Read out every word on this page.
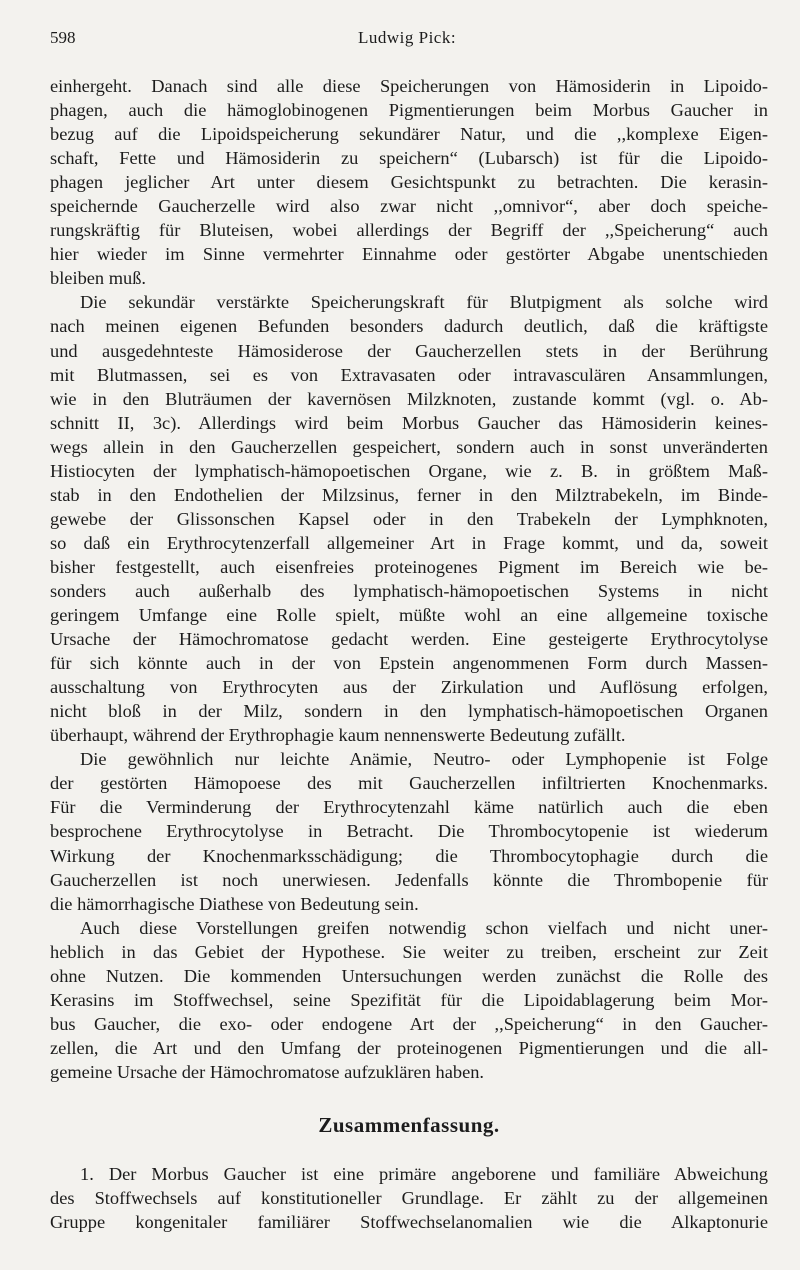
598	Ludwig Pick:
einhergeht. Danach sind alle diese Speicherungen von Hämosiderin in Lipoido-
phagen, auch die hämoglobinogenen Pigmentierungen beim Morbus Gaucher in
bezug auf die Lipoidspeicherung sekundärer Natur, und die ,,komplexe Eigen-
schaft, Fette und Hämosiderin zu speichern“ (Lubarsch) ist für die Lipoido-
phagen jeglicher Art unter diesem Gesichtspunkt zu betrachten. Die kerasin-
speichernde Gaucherzelle wird also zwar nicht ,,omnivor“, aber doch speiche-
rungskräftig für Bluteisen, wobei allerdings der Begriff der ,,Speicherung“ auch
hier wieder im Sinne vermehrter Einnahme oder gestörter Abgabe unentschieden
bleiben muß.
Die sekundär verstärkte Speicherungskraft für Blutpigment als solche wird
nach meinen eigenen Befunden besonders dadurch deutlich, daß die kräftigste
und ausgedehnteste Hämosiderose der Gaucherzellen stets in der Berührung
mit Blutmassen, sei es von Extravasaten oder intravasculären Ansammlungen,
wie in den Bluträumen der kavernösen Milzknoten, zustande kommt (vgl. o. Ab-
schnitt II, 3c). Allerdings wird beim Morbus Gaucher das Hämosiderin keines-
wegs allein in den Gaucherzellen gespeichert, sondern auch in sonst unveränderten
Histiocyten der lymphatisch-hämopoetischen Organe, wie z. B. in größtem Maß-
stab in den Endothelien der Milzsinus, ferner in den Milztrabekeln, im Binde-
gewebe der Glissonschen Kapsel oder in den Trabekeln der Lymphknoten,
so daß ein Erythrocytenzerfall allgemeiner Art in Frage kommt, und da, soweit
bisher festgestellt, auch eisenfreies proteinogenes Pigment im Bereich wie be-
sonders auch außerhalb des lymphatisch-hämopoetischen Systems in nicht
geringem Umfange eine Rolle spielt, müßte wohl an eine allgemeine toxische
Ursache der Hämochromatose gedacht werden. Eine gesteigerte Erythrocytolyse
für sich könnte auch in der von Epstein angenommenen Form durch Massen-
ausschaltung von Erythrocyten aus der Zirkulation und Auflösung erfolgen,
nicht bloß in der Milz, sondern in den lymphatisch-hämopoetischen Organen
überhaupt, während der Erythrophagie kaum nennenswerte Bedeutung zufällt.
Die gewöhnlich nur leichte Anämie, Neutro- oder Lymphopenie ist Folge
der gestörten Hämopoese des mit Gaucherzellen infiltrierten Knochenmarks.
Für die Verminderung der Erythrocytenzahl käme natürlich auch die eben
besprochene Erythrocytolyse in Betracht. Die Thrombocytopenie ist wiederum
Wirkung der Knochenmarksschädigung; die Thrombocytophagie durch die
Gaucherzellen ist noch unerwiesen. Jedenfalls könnte die Thrombopenie für
die hämorrhagische Diathese von Bedeutung sein.
Auch diese Vorstellungen greifen notwendig schon vielfach und nicht uner-
heblich in das Gebiet der Hypothese. Sie weiter zu treiben, erscheint zur Zeit
ohne Nutzen. Die kommenden Untersuchungen werden zunächst die Rolle des
Kerasins im Stoffwechsel, seine Spezifität für die Lipoidablagerung beim Mor-
bus Gaucher, die exo- oder endogene Art der ,,Speicherung“ in den Gaucher-
zellen, die Art und den Umfang der proteinogenen Pigmentierungen und die all-
gemeine Ursache der Hämochromatose aufzuklären haben.
Zusammenfassung.
1. Der Morbus Gaucher ist eine primäre angeborene und familiäre Abweichung
des Stoffwechsels auf konstitutioneller Grundlage. Er zählt zu der allgemeinen
Gruppe kongenitaler familiärer Stoffwechselanomalien wie die Alkaptonurie
